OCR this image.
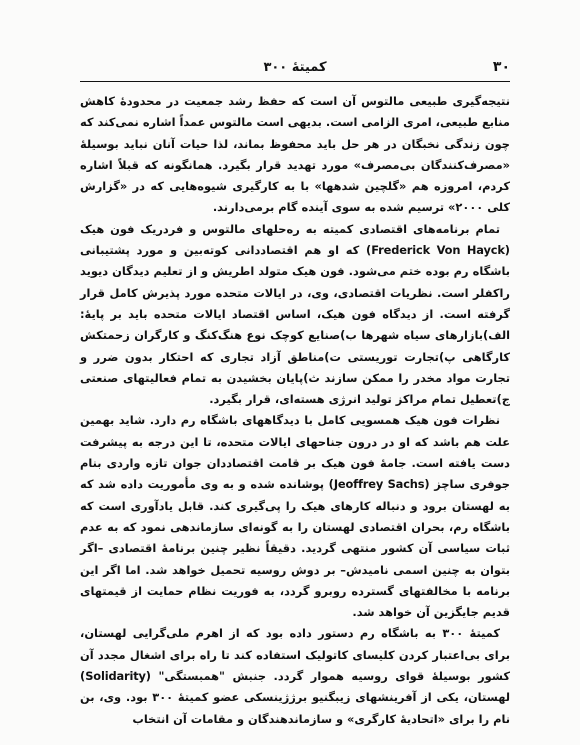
۳۰
کمیتهٔ ۳۰۰

نتیجه‌گیری طبیعی مالتوس آن است که حفظ رشد جمعیت در محدودهٔ کاهش منابع طبیعی، امری الزامی است. بدیهی است مالتوس عمداً اشاره نمی‌کند که چون زندگی نخبگان در هر حل باید محفوظ بماند، لذا حیات آنان نباید بوسیلهٔ «مصرف‌کنندگان بی‌مصرف» مورد تهدید قرار بگیرد. همانگونه که قبلاً اشاره کردم، امروزه هم «گلچین شدهها» با به کارگیری شیوه‌هایی که در «گزارش کلی ۲۰۰۰» ترسیم شده به سوی آینده گام برمی‌دارند.

تمام برنامه‌های اقتصادی کمیته به ره‌حلهای مالتوس و فردریک فون هیک (Frederick Von Hayck) که او هم اقتصاددانی کوته‌بین و مورد پشتیبانی باشگاه رم بوده ختم می‌شود. فون هیک متولد اطریش و از تعلیم دیدگان دیوید راکفلر است. نظریات اقتصادی، وی، در ایالات متحده مورد پذیرش کامل قرار گرفته است. از دیدگاه فون هیک، اساس اقتصاد ایالات متحده باید بر پایهٔ: الف)بازارهای سیاه شهرها ب)صنایع کوچک نوع هنگ‌کنگ و کارگران زحمتکش کارگاهی پ)تجارت توریستی ت)مناطق آزاد تجاری که احتکار بدون ضرر و تجارت مواد مخدر را ممکن سازند ث)پایان بخشیدن به تمام فعالیتهای صنعتی ج)تعطیل تمام مراکز تولید انرژی هسته‌ای، قرار بگیرد.

نظرات فون هیک همسویی کامل با دیدگاههای باشگاه رم دارد. شاید بهمین علت هم باشد که او در درون جناحهای ایالات متحده، تا این درجه به پیشرفت دست یافته است. جامهٔ فون هیک بر قامت اقتصاددان جوان تازه واردی بنام جوفری ساچز (Jeoffrey Sachs) پوشانده شده و به وی مأموریت داده شد که به لهستان برود و دنباله کارهای هیک را پی‌گیری کند. قابل یادآوری است که باشگاه رم، بحران اقتصادی لهستان را به گونه‌ای سازماندهی نمود که به عدم ثبات سیاسی آن کشور منتهی گردید. دقیقاً نظیر چنین برنامهٔ اقتصادی –اگر بتوان به چنین اسمی نامیدش– بر دوش روسیه تحمیل خواهد شد. اما اگر این برنامه با مخالفتهای گسترده روبرو گردد، به فوریت نظام حمایت از قیمتهای قدیم جایگزین آن خواهد شد.

کمیتهٔ ۳۰۰ به باشگاه رم دستور داده بود که از اهرم ملی‌گرایی لهستان، برای بی‌اعتبار کردن کلیسای کاتولیک استفاده کند تا راه برای اشغال مجدد آن کشور بوسیلهٔ قوای روسیه هموار گردد. جنبش "همبستگی" (Solidarity) لهستان، یکی از آفرینشهای زیبگنیو برژژینسکی عضو کمیتهٔ ۳۰۰ بود. وی، بن نام را برای «اتحادیهٔ کارگری» و سازماندهندگان و مقامات آن انتخاب
